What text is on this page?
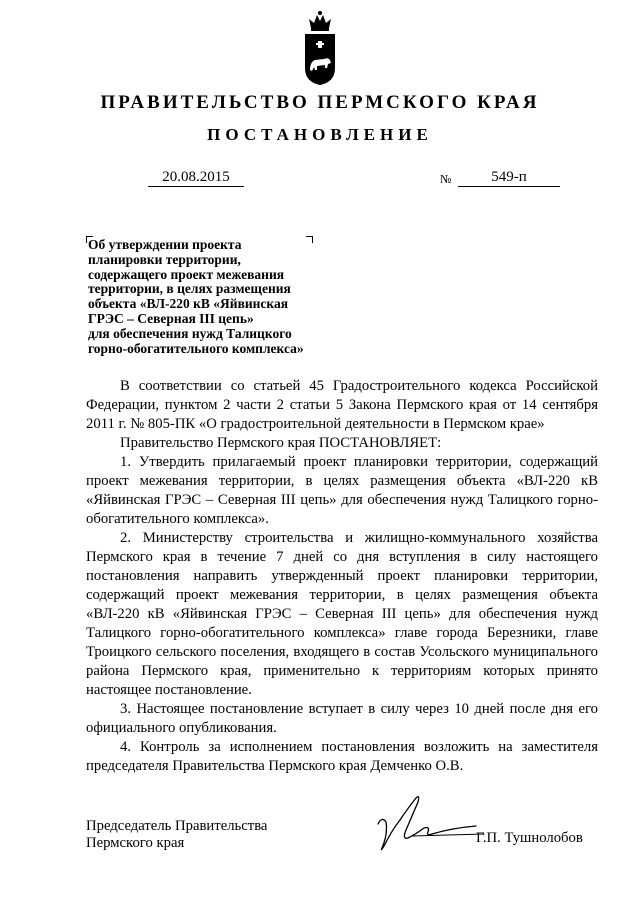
ПРАВИТЕЛЬСТВО ПЕРМСКОГО КРАЯ
ПОСТАНОВЛЕНИЕ
20.08.2015	№	549-п
Об утверждении проекта
планировки территории,
содержащего проект межевания
территории, в целях размещения
объекта «ВЛ-220 кВ «Яйвинская
ГРЭС – Северная III цепь»
для обеспечения нужд Талицкого
горно-обогатительного комплекса»

В соответствии со статьей 45 Градостроительного кодекса Российской Федерации, пунктом 2 части 2 статьи 5 Закона Пермского края от 14 сентября 2011 г. № 805-ПК «О градостроительной деятельности в Пермском крае»

Правительство Пермского края ПОСТАНОВЛЯЕТ:

1. Утвердить прилагаемый проект планировки территории, содержащий проект межевания территории, в целях размещения объекта «ВЛ-220 кВ «Яйвинская ГРЭС – Северная III цепь» для обеспечения нужд Талицкого горно-обогатительного комплекса».

2. Министерству строительства и жилищно-коммунального хозяйства Пермского края в течение 7 дней со дня вступления в силу настоящего постановления направить утвержденный проект планировки территории, содержащий проект межевания территории, в целях размещения объекта «ВЛ-220 кВ «Яйвинская ГРЭС – Северная III цепь» для обеспечения нужд Талицкого горно-обогатительного комплекса» главе города Березники, главе Троицкого сельского поселения, входящего в состав Усольского муниципального района Пермского края, применительно к территориям которых принято настоящее постановление.

3. Настоящее постановление вступает в силу через 10 дней после дня его официального опубликования.

4. Контроль за исполнением постановления возложить на заместителя председателя Правительства Пермского края Демченко О.В.

Председатель Правительства
Пермского края	Г.П. Тушнолобов
